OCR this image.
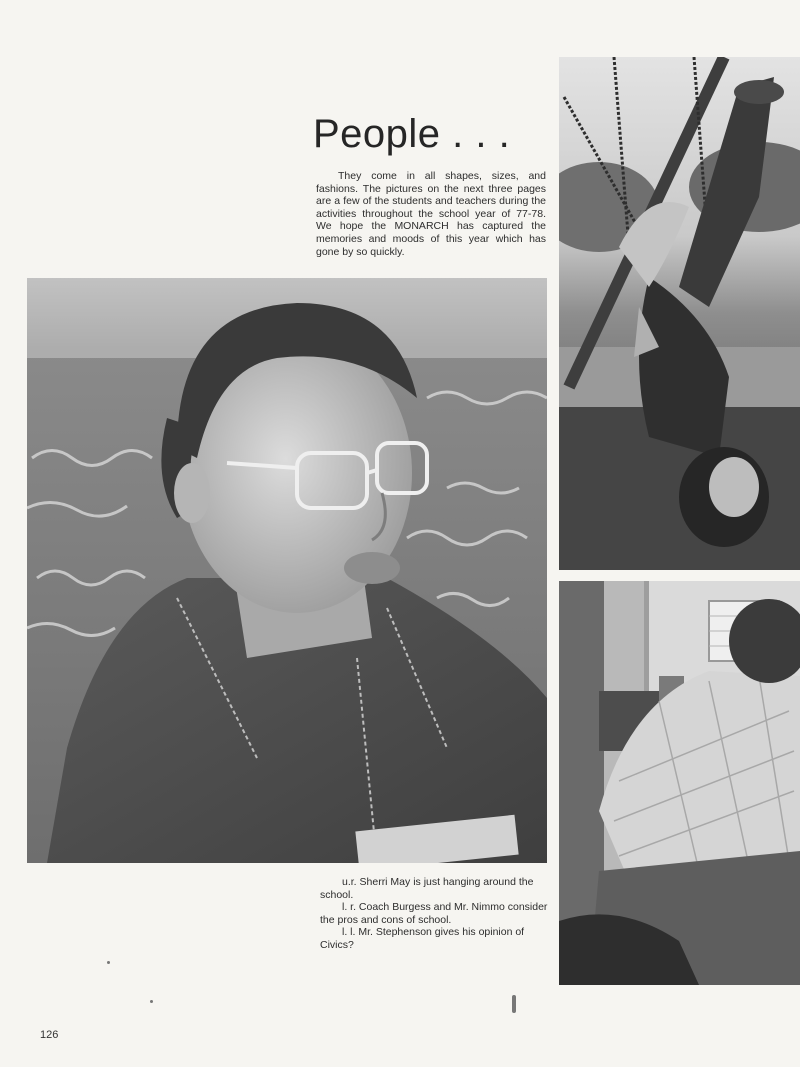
People . . .

They come in all shapes, sizes, and fashions. The pictures on the next three pages are a few of the students and teachers during the activities throughout the school year of 77-78. We hope the MONARCH has captured the memories and moods of this year which has gone by so quickly.

u.r. Sherri May is just hanging around the school.

l. r. Coach Burgess and Mr. Nimmo consider the pros and cons of school.

l. l. Mr. Stephenson gives his opinion of Civics?

126
